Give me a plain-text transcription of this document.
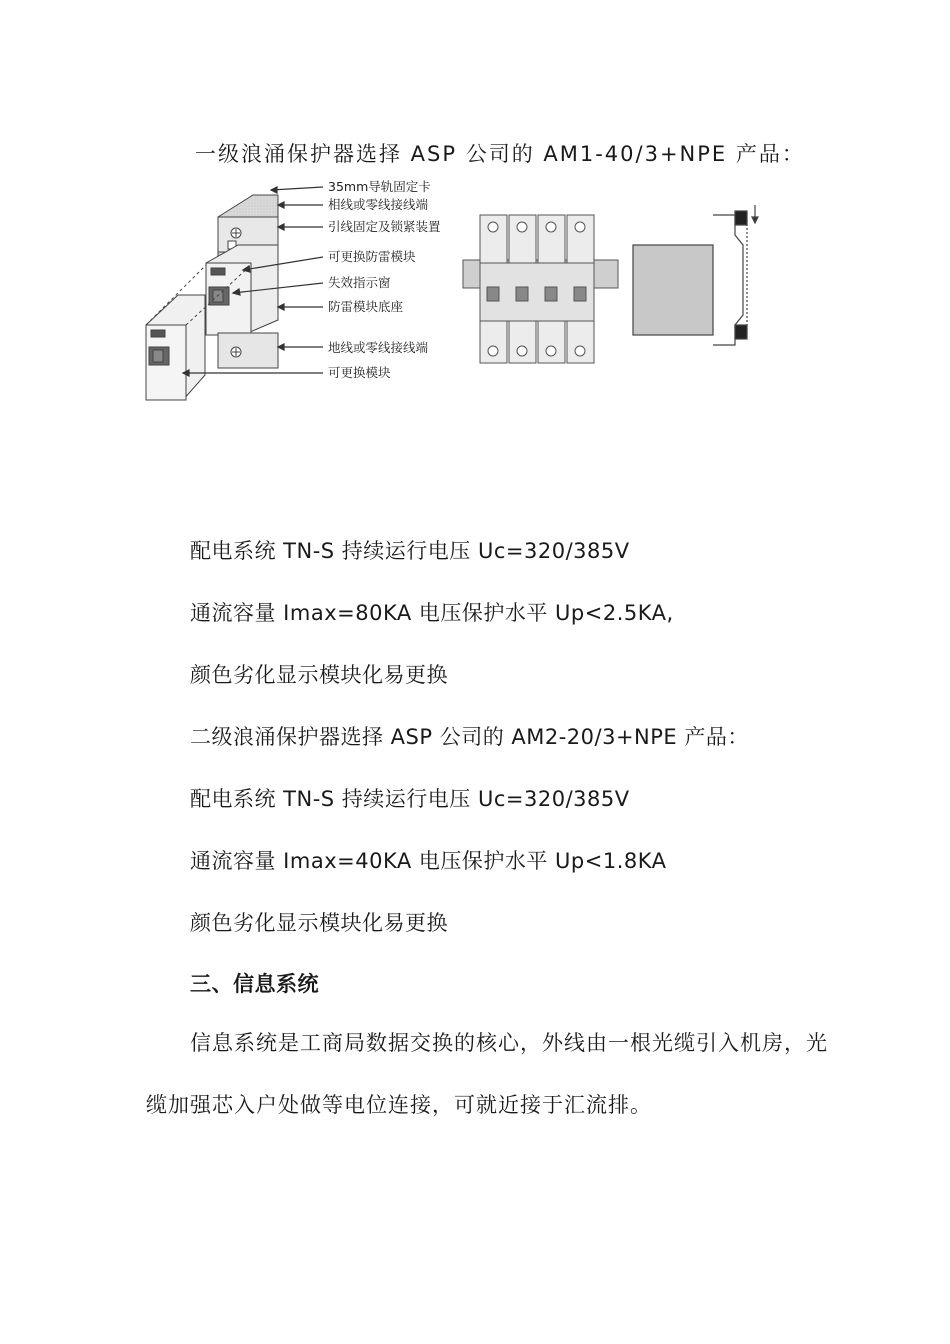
一级浪涌保护器选择 ASP 公司的 AM1-40/3+NPE 产品：
35mm导轨固定卡
相线或零线接线端
引线固定及锁紧装置
可更换防雷模块
失效指示窗
防雷模块底座
地线或零线接线端
可更换模块
配电系统 TN-S 持续运行电压 Uc=320/385V
通流容量 Imax=80KA 电压保护水平 Up<2.5KA,
颜色劣化显示模块化易更换
二级浪涌保护器选择 ASP 公司的 AM2-20/3+NPE 产品：
配电系统 TN-S 持续运行电压 Uc=320/385V
通流容量 Imax=40KA 电压保护水平 Up<1.8KA
颜色劣化显示模块化易更换
三、信息系统
信息系统是工商局数据交换的核心，外线由一根光缆引入机房，光缆加强芯入户处做等电位连接，可就近接于汇流排。
